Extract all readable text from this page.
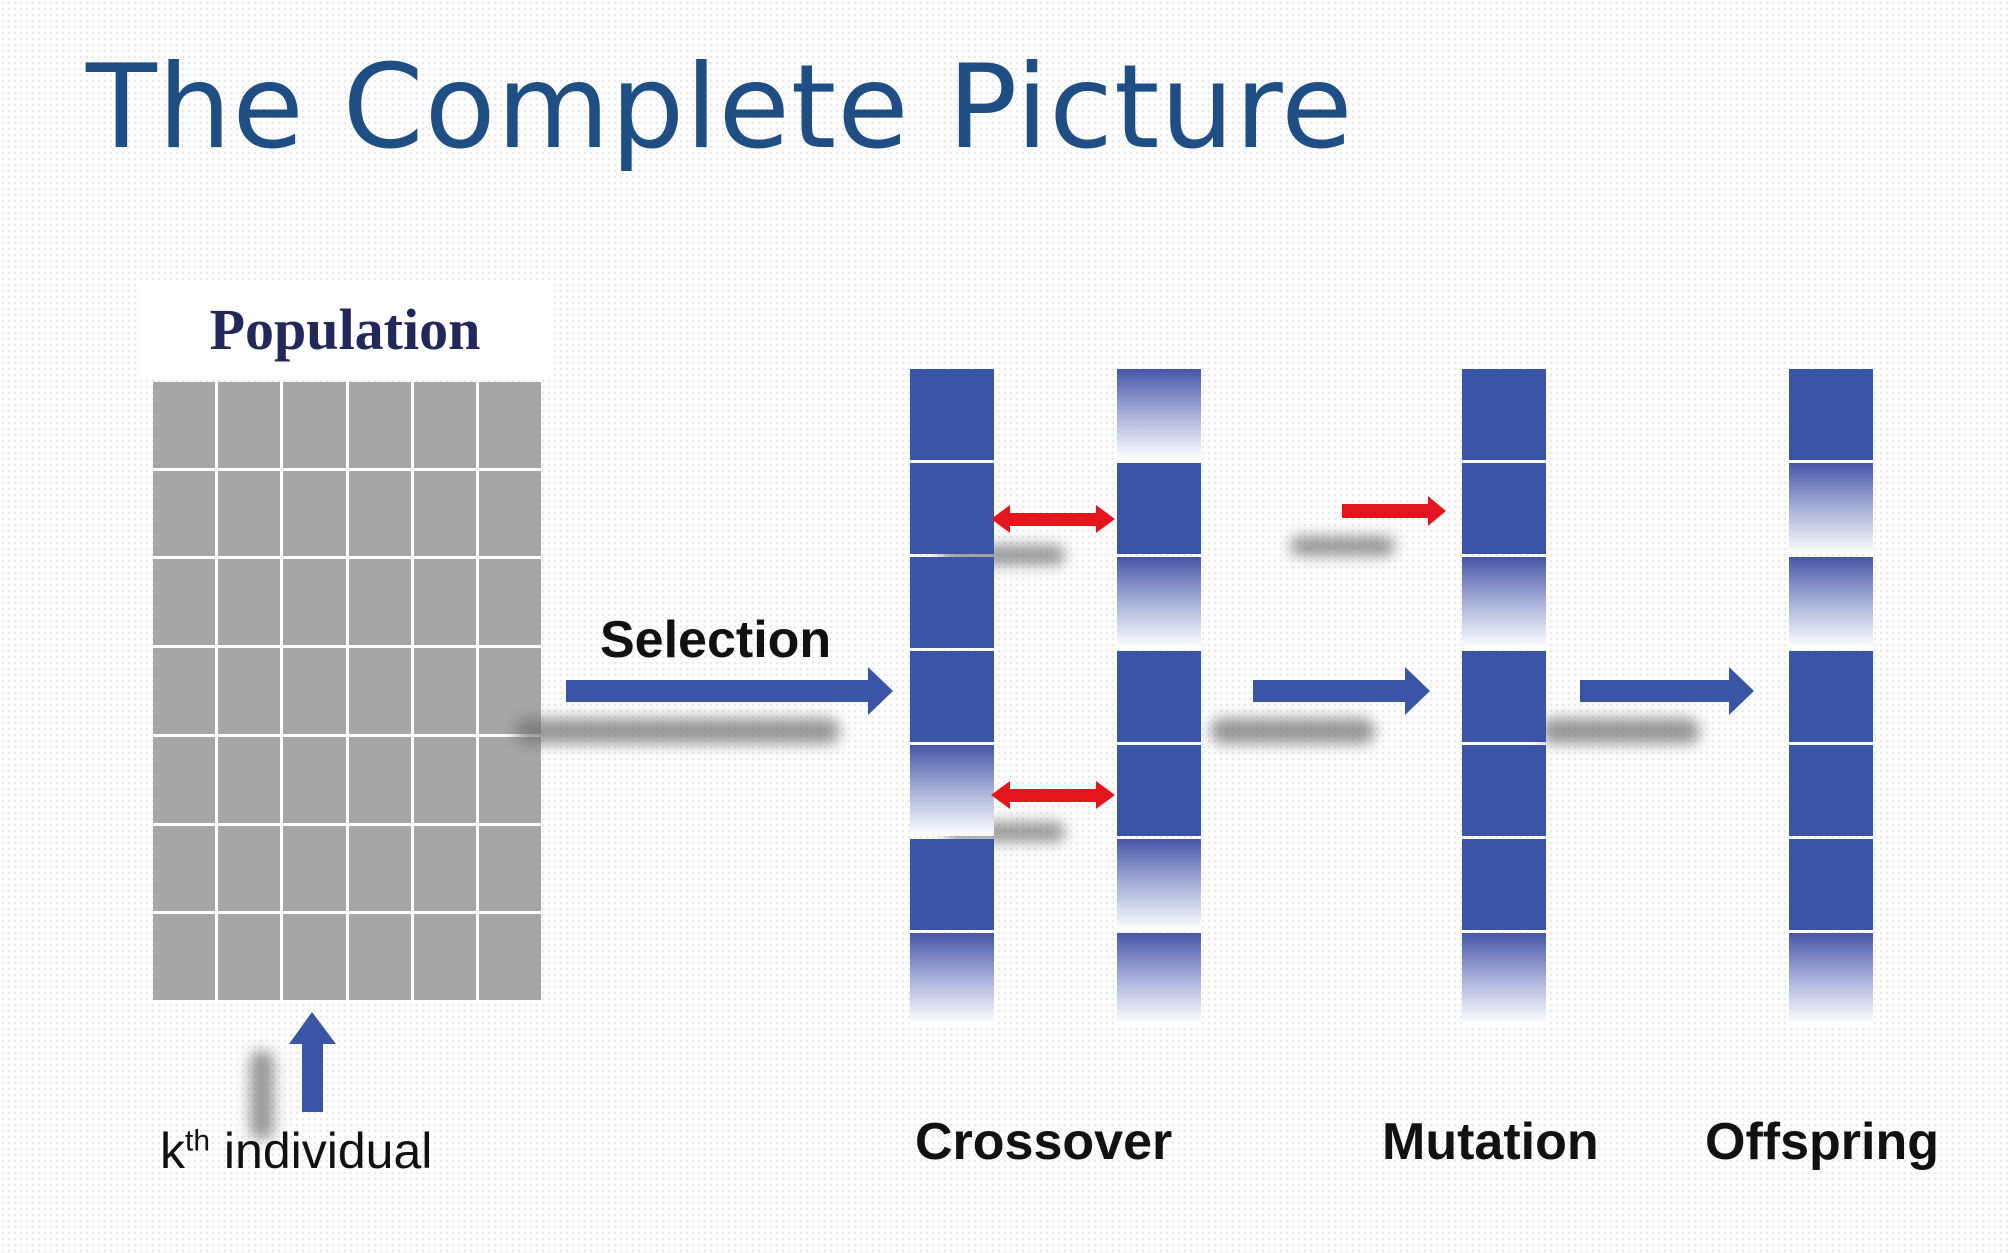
The Complete Picture
Population
Selection
Crossover	Mutation Offspring
$k^{th}$ individual
